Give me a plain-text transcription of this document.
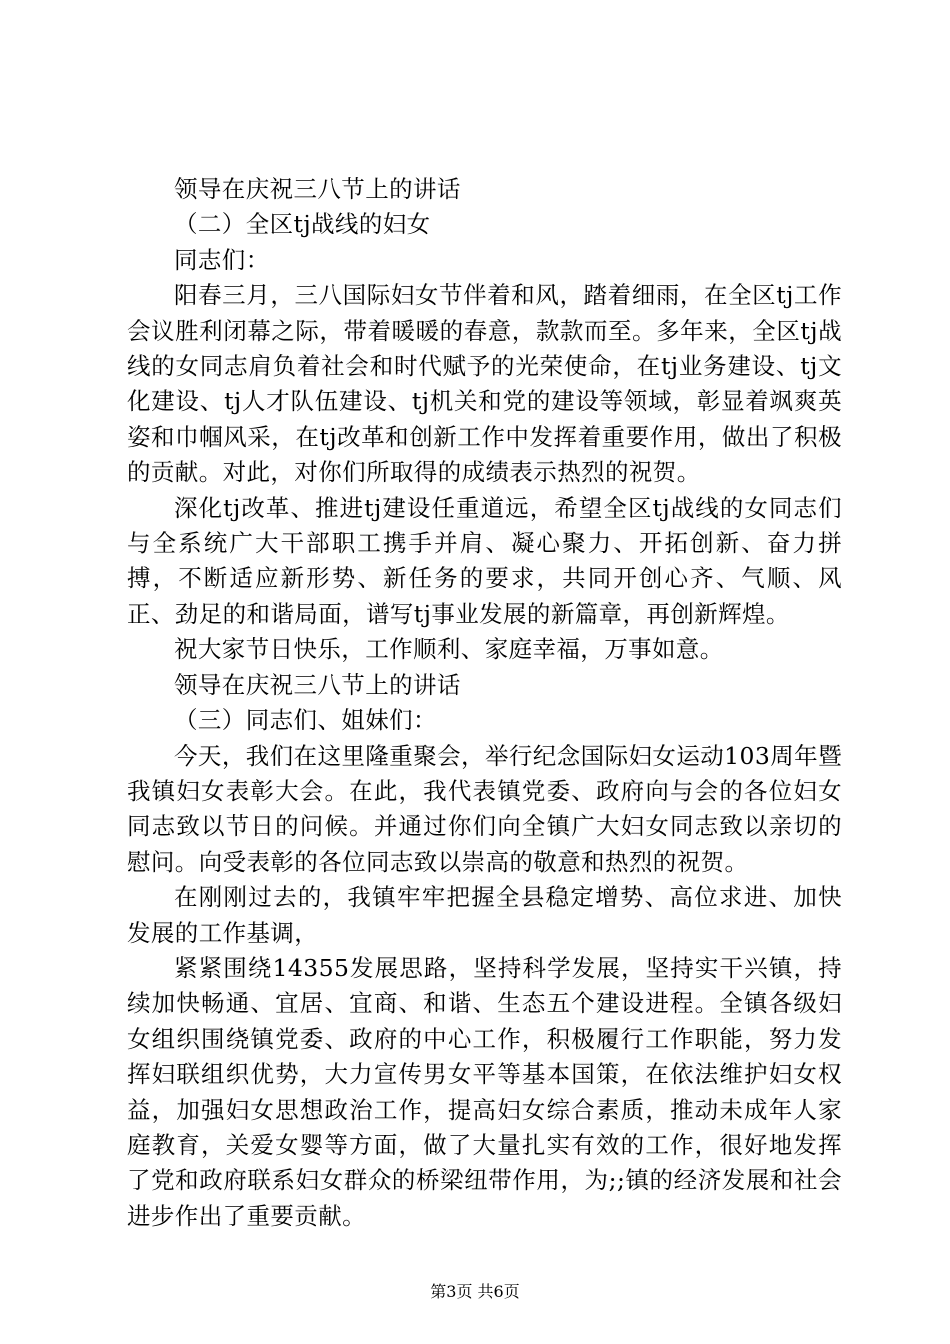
领导在庆祝三八节上的讲话

（二）全区tj战线的妇女

同志们：

阳春三月，三八国际妇女节伴着和风，踏着细雨，在全区tj工作会议胜利闭幕之际，带着暖暖的春意，款款而至。多年来，全区tj战线的女同志肩负着社会和时代赋予的光荣使命，在tj业务建设、tj文化建设、tj人才队伍建设、tj机关和党的建设等领域，彰显着飒爽英姿和巾帼风采，在tj改革和创新工作中发挥着重要作用，做出了积极的贡献。对此，对你们所取得的成绩表示热烈的祝贺。

深化tj改革、推进tj建设任重道远，希望全区tj战线的女同志们与全系统广大干部职工携手并肩、凝心聚力、开拓创新、奋力拼搏，不断适应新形势、新任务的要求，共同开创心齐、气顺、风正、劲足的和谐局面，谱写tj事业发展的新篇章，再创新辉煌。

祝大家节日快乐，工作顺利、家庭幸福，万事如意。

领导在庆祝三八节上的讲话

（三）同志们、姐妹们：

今天，我们在这里隆重聚会，举行纪念国际妇女运动103周年暨我镇妇女表彰大会。在此，我代表镇党委、政府向与会的各位妇女同志致以节日的问候。并通过你们向全镇广大妇女同志致以亲切的慰问。向受表彰的各位同志致以崇高的敬意和热烈的祝贺。

在刚刚过去的，我镇牢牢把握全县稳定增势、高位求进、加快发展的工作基调，

紧紧围绕14355发展思路，坚持科学发展，坚持实干兴镇，持续加快畅通、宜居、宜商、和谐、生态五个建设进程。全镇各级妇女组织围绕镇党委、政府的中心工作，积极履行工作职能，努力发挥妇联组织优势，大力宣传男女平等基本国策，在依法维护妇女权益，加强妇女思想政治工作，提高妇女综合素质，推动未成年人家庭教育，关爱女婴等方面，做了大量扎实有效的工作，很好地发挥了党和政府联系妇女群众的桥梁纽带作用，为;;镇的经济发展和社会进步作出了重要贡献。

第3页 共6页
